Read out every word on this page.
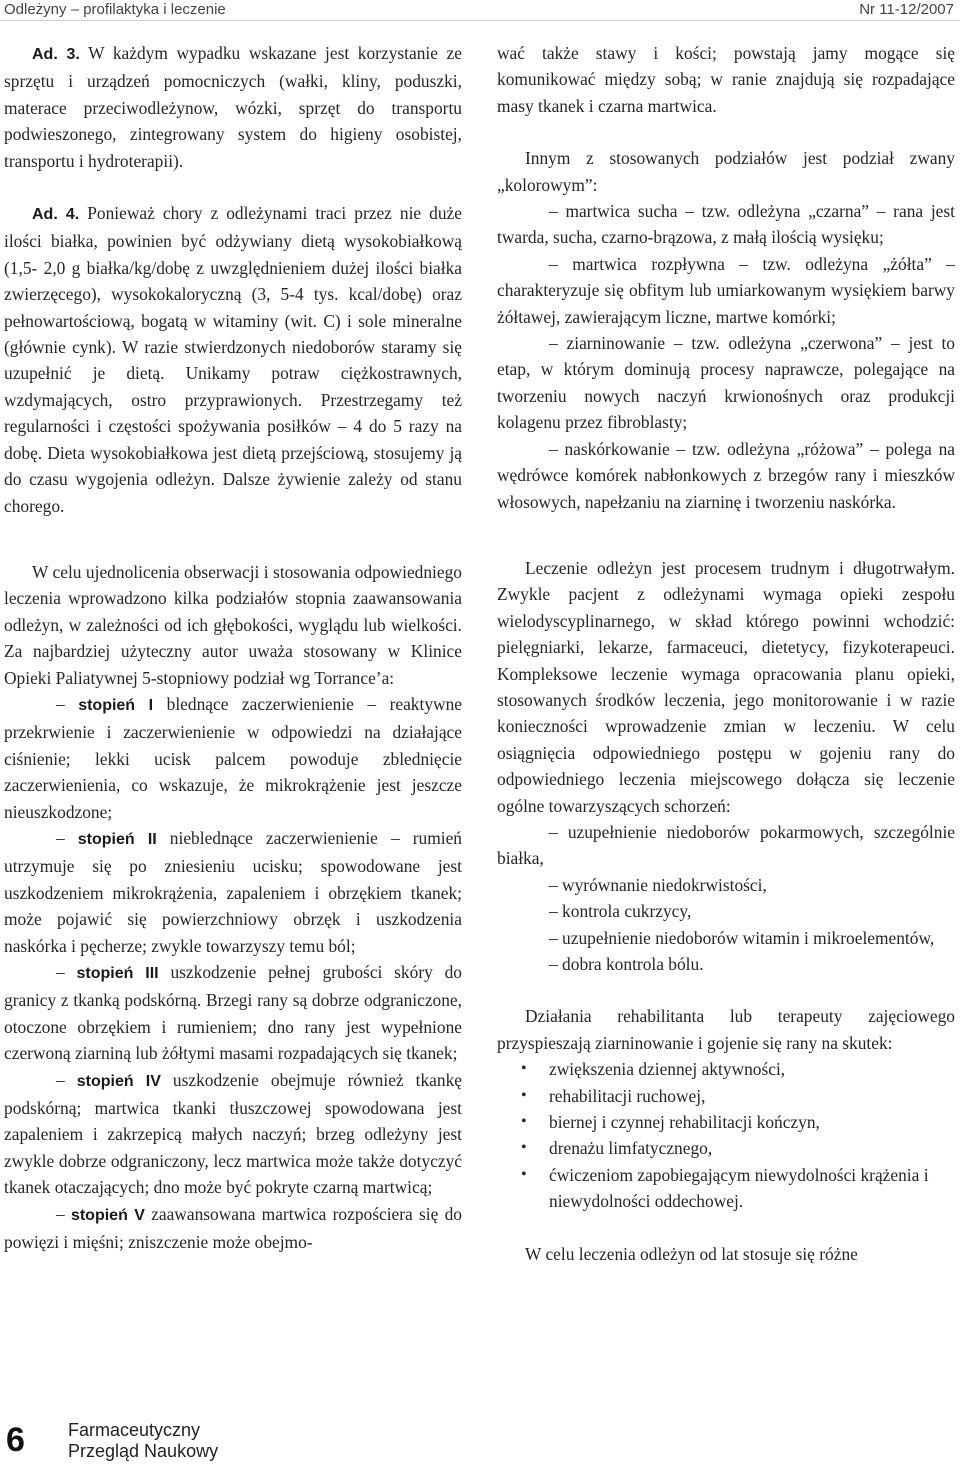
Odleżyny – profilaktyka i leczenie	Nr 11-12/2007

Ad. 3. W każdym wypadku wskazane jest korzystanie ze sprzętu i urządzeń pomocniczych (wałki, kliny, poduszki, materace przeciwodleżynow, wózki, sprzęt do transportu podwieszonego, zintegrowany system do higieny osobistej, transportu i hydroterapii).

Ad. 4. Ponieważ chory z odleżynami traci przez nie duże ilości białka, powinien być odżywiany dietą wysokobiałkową (1,5- 2,0 g białka/kg/dobę z uwzględnieniem dużej ilości białka zwierzęcego), wysokokaloryczną (3, 5-4 tys. kcal/dobę) oraz pełnowartościową, bogatą w witaminy (wit. C) i sole mineralne (głównie cynk). W razie stwierdzonych niedoborów staramy się uzupełnić je dietą. Unikamy potraw ciężkostrawnych, wzdymających, ostro przyprawionych. Przestrzegamy też regularności i częstości spożywania posiłków – 4 do 5 razy na dobę. Dieta wysokobiałkowa jest dietą przejściową, stosujemy ją do czasu wygojenia odleżyn. Dalsze żywienie zależy od stanu chorego.

W celu ujednolicenia obserwacji i stosowania odpowiedniego leczenia wprowadzono kilka podziałów stopnia zaawansowania odleżyn, w zależności od ich głębokości, wyglądu lub wielkości. Za najbardziej użyteczny autor uważa stosowany w Klinice Opieki Paliatywnej 5-stopniowy podział wg Torrance’a:

– stopień I blednące zaczerwienienie – reaktywne przekrwienie i zaczerwienienie w odpowiedzi na działające ciśnienie; lekki ucisk palcem powoduje zblednięcie zaczerwienienia, co wskazuje, że mikrokrążenie jest jeszcze nieuszkodzone;

– stopień II nieblednące zaczerwienienie – rumień utrzymuje się po zniesieniu ucisku; spowodowane jest uszkodzeniem mikrokrążenia, zapaleniem i obrzękiem tkanek; może pojawić się powierzchniowy obrzęk i uszkodzenia naskórka i pęcherze; zwykle towarzyszy temu ból;

– stopień III uszkodzenie pełnej grubości skóry do granicy z tkanką podskórną. Brzegi rany są dobrze odgraniczone, otoczone obrzękiem i rumieniem; dno rany jest wypełnione czerwoną ziarniną lub żółtymi masami rozpadających się tkanek;

– stopień IV uszkodzenie obejmuje również tkankę podskórną; martwica tkanki tłuszczowej spowodowana jest zapaleniem i zakrzepicą małych naczyń; brzeg odleżyny jest zwykle dobrze odgraniczony, lecz martwica może także dotyczyć tkanek otaczających; dno może być pokryte czarną martwicą;

– stopień V zaawansowana martwica rozpościera się do powięzi i mięśni; zniszczenie może obejmo-

wać także stawy i kości; powstają jamy mogące się komunikować między sobą; w ranie znajdują się rozpadające masy tkanek i czarna martwica.

Innym z stosowanych podziałów jest podział zwany „kolorowym”:

– martwica sucha – tzw. odleżyna „czarna” – rana jest twarda, sucha, czarno-brązowa, z małą ilością wysięku;

– martwica rozpływna – tzw. odleżyna „żółta” – charakteryzuje się obfitym lub umiarkowanym wysiękiem barwy żółtawej, zawierającym liczne, martwe komórki;

– ziarninowanie – tzw. odleżyna „czerwona” – jest to etap, w którym dominują procesy naprawcze, polegające na tworzeniu nowych naczyń krwionośnych oraz produkcji kolagenu przez fibroblasty;

– naskórkowanie – tzw. odleżyna „różowa” – polega na wędrówce komórek nabłonkowych z brzegów rany i mieszków włosowych, napełzaniu na ziarninę i tworzeniu naskórka.

Leczenie odleżyn jest procesem trudnym i długotrwałym. Zwykle pacjent z odleżynami wymaga opieki zespołu wielodyscyplinarnego, w skład którego powinni wchodzić: pielęgniarki, lekarze, farmaceuci, dietetycy, fizykoterapeuci. Kompleksowe leczenie wymaga opracowania planu opieki, stosowanych środków leczenia, jego monitorowanie i w razie konieczności wprowadzenie zmian w leczeniu. W celu osiągnięcia odpowiedniego postępu w gojeniu rany do odpowiedniego leczenia miejscowego dołącza się leczenie ogólne towarzyszących schorzeń:

– uzupełnienie niedoborów pokarmowych, szczególnie białka,

– wyrównanie niedokrwistości,

– kontrola cukrzycy,

– uzupełnienie niedoborów witamin i mikroelementów,

– dobra kontrola bólu.

Działania rehabilitanta lub terapeuty zajęciowego przyspieszają ziarninowanie i gojenie się rany na skutek:

• zwiększenia dziennej aktywności,
• rehabilitacji ruchowej,
• biernej i czynnej rehabilitacji kończyn,
• drenażu limfatycznego,
• ćwiczeniom zapobiegającym niewydolności krążenia i niewydolności oddechowej.

W celu leczenia odleżyn od lat stosuje się różne

6 Farmaceutyczny
Przegląd Naukowy
